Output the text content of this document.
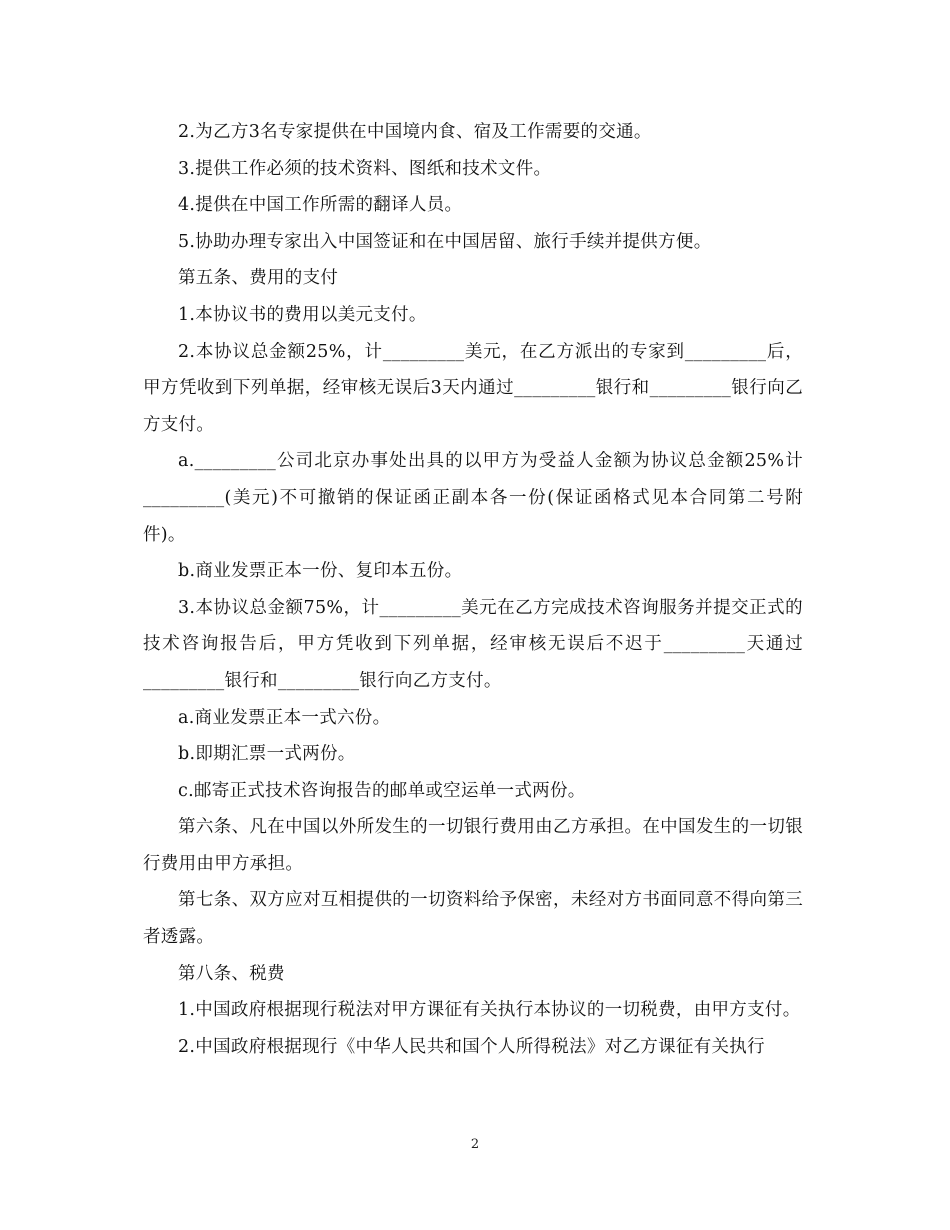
2.为乙方3名专家提供在中国境内食、宿及工作需要的交通。

3.提供工作必须的技术资料、图纸和技术文件。

4.提供在中国工作所需的翻译人员。

5.协助办理专家出入中国签证和在中国居留、旅行手续并提供方便。

第五条、费用的支付

1.本协议书的费用以美元支付。

2.本协议总金额25%，计_________美元，在乙方派出的专家到_________后，甲方凭收到下列单据，经审核无误后3天内通过_________银行和_________银行向乙方支付。

a._________公司北京办事处出具的以甲方为受益人金额为协议总金额25%计_________(美元)不可撤销的保证函正副本各一份(保证函格式见本合同第二号附件)。

b.商业发票正本一份、复印本五份。

3.本协议总金额75%，计_________美元在乙方完成技术咨询服务并提交正式的技术咨询报告后，甲方凭收到下列单据，经审核无误后不迟于_________天通过_________银行和_________银行向乙方支付。

a.商业发票正本一式六份。

b.即期汇票一式两份。

c.邮寄正式技术咨询报告的邮单或空运单一式两份。

第六条、凡在中国以外所发生的一切银行费用由乙方承担。在中国发生的一切银行费用由甲方承担。

第七条、双方应对互相提供的一切资料给予保密，未经对方书面同意不得向第三者透露。

第八条、税费

1.中国政府根据现行税法对甲方课征有关执行本协议的一切税费，由甲方支付。

2.中国政府根据现行《中华人民共和国个人所得税法》对乙方课征有关执行

2
